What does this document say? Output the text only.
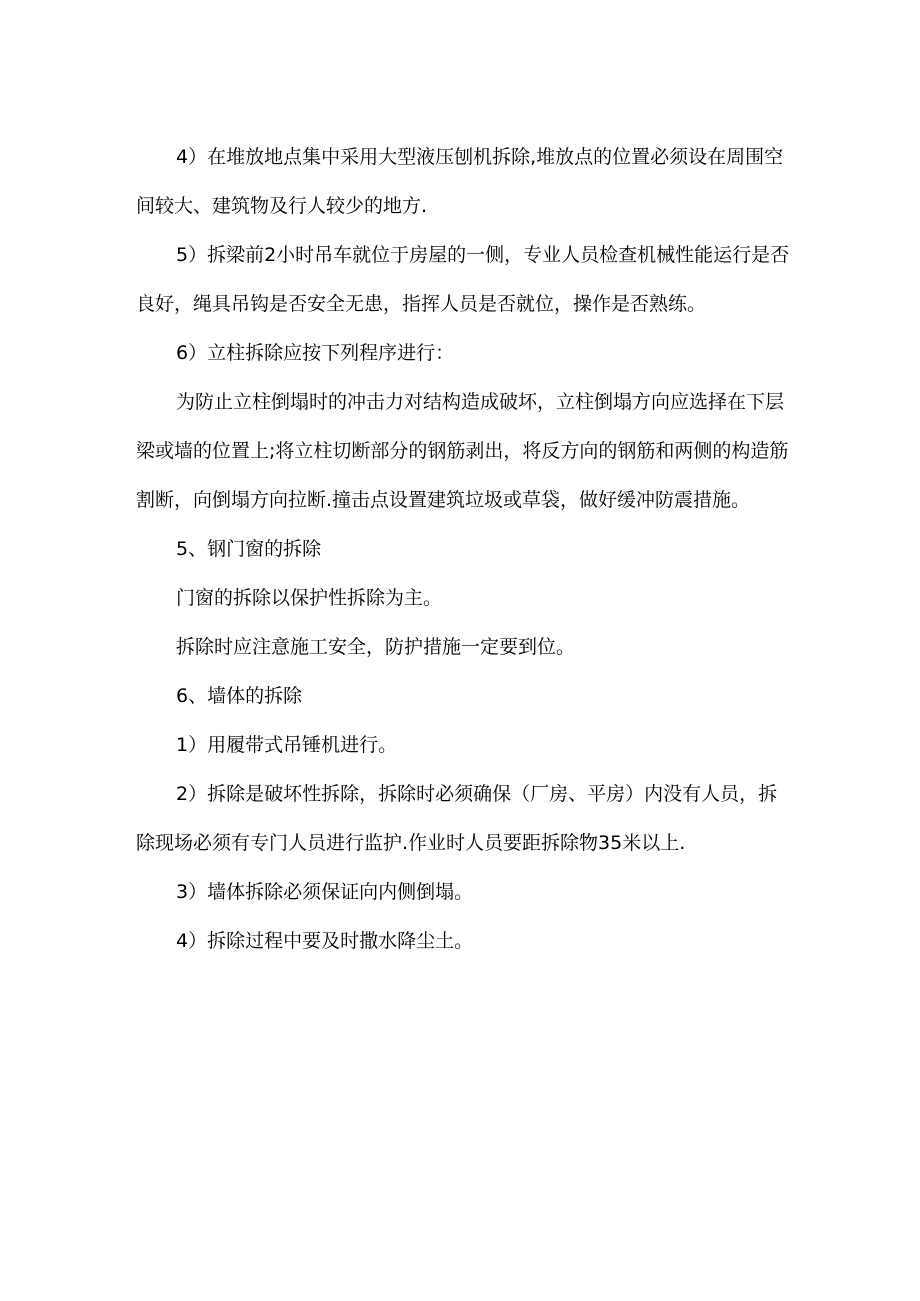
4）在堆放地点集中采用大型液压刨机拆除,堆放点的位置必须设在周围空间较大、建筑物及行人较少的地方.

5）拆梁前2小时吊车就位于房屋的一侧，专业人员检查机械性能运行是否良好，绳具吊钩是否安全无患，指挥人员是否就位，操作是否熟练。

6）立柱拆除应按下列程序进行：

为防止立柱倒塌时的冲击力对结构造成破坏，立柱倒塌方向应选择在下层梁或墙的位置上;将立柱切断部分的钢筋剥出，将反方向的钢筋和两侧的构造筋割断，向倒塌方向拉断.撞击点设置建筑垃圾或草袋，做好缓冲防震措施。

5、钢门窗的拆除

门窗的拆除以保护性拆除为主。

拆除时应注意施工安全，防护措施一定要到位。

6、墙体的拆除

1）用履带式吊锤机进行。

2）拆除是破坏性拆除，拆除时必须确保（厂房、平房）内没有人员，拆除现场必须有专门人员进行监护.作业时人员要距拆除物35米以上.

3）墙体拆除必须保证向内侧倒塌。

4）拆除过程中要及时撒水降尘土。
